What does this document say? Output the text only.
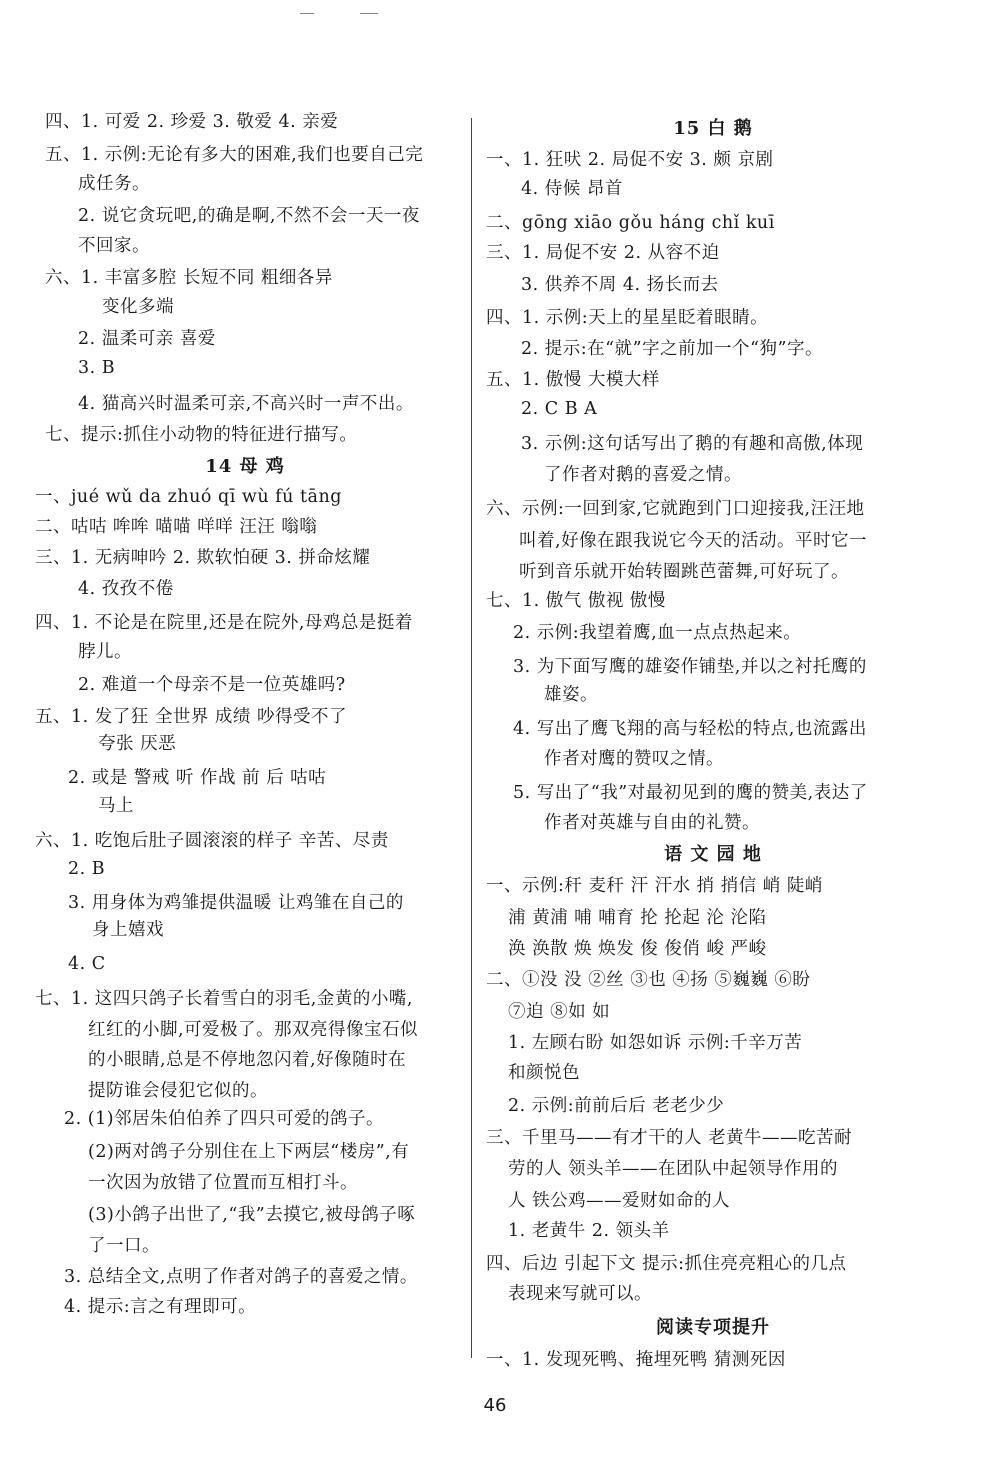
四、1. 可爱 2. 珍爱 3. 敬爱 4. 亲爱
五、1. 示例:无论有多大的困难,我们也要自己完
成任务。
2. 说它贪玩吧,的确是啊,不然不会一天一夜
不回家。
六、1. 丰富多腔 长短不同 粗细各异
变化多端
2. 温柔可亲 喜爱
3. B
4. 猫高兴时温柔可亲,不高兴时一声不出。
七、提示:抓住小动物的特征进行描写。
14 母 鸡
一、jué wǔ da zhuó qī wù fú tāng
二、咕咕 哞哞 喵喵 咩咩 汪汪 嗡嗡
三、1. 无病呻吟 2. 欺软怕硬 3. 拼命炫耀
4. 孜孜不倦
四、1. 不论是在院里,还是在院外,母鸡总是挺着
脖儿。
2. 难道一个母亲不是一位英雄吗?
五、1. 发了狂 全世界 成绩 吵得受不了
夸张 厌恶
2. 或是 警戒 听 作战 前 后 咕咕
马上
六、1. 吃饱后肚子圆滚滚的样子 辛苦、尽责
2. B
3. 用身体为鸡雏提供温暖 让鸡雏在自己的
身上嬉戏
4. C
七、1. 这四只鸽子长着雪白的羽毛,金黄的小嘴,
红红的小脚,可爱极了。那双亮得像宝石似
的小眼睛,总是不停地忽闪着,好像随时在
提防谁会侵犯它似的。
2. (1)邻居朱伯伯养了四只可爱的鸽子。
(2)两对鸽子分别住在上下两层“楼房”,有
一次因为放错了位置而互相打斗。
(3)小鸽子出世了,“我”去摸它,被母鸽子啄
了一口。
3. 总结全文,点明了作者对鸽子的喜爱之情。
4. 提示:言之有理即可。
15 白 鹅
一、1. 狂吠 2. 局促不安 3. 颇 京剧
4. 侍候 昂首
二、gōng xiāo gǒu háng chǐ kuī
三、1. 局促不安 2. 从容不迫
3. 供养不周 4. 扬长而去
四、1. 示例:天上的星星眨着眼睛。
2. 提示:在“就”字之前加一个“狗”字。
五、1. 傲慢 大模大样
2. C B A
3. 示例:这句话写出了鹅的有趣和高傲,体现
了作者对鹅的喜爱之情。
六、示例:一回到家,它就跑到门口迎接我,汪汪地
叫着,好像在跟我说它今天的活动。平时它一
听到音乐就开始转圈跳芭蕾舞,可好玩了。
七、1. 傲气 傲视 傲慢
2. 示例:我望着鹰,血一点点热起来。
3. 为下面写鹰的雄姿作铺垫,并以之衬托鹰的
雄姿。
4. 写出了鹰飞翔的高与轻松的特点,也流露出
作者对鹰的赞叹之情。
5. 写出了“我”对最初见到的鹰的赞美,表达了
作者对英雄与自由的礼赞。
语 文 园 地
一、示例:秆 麦秆 汗 汗水 捎 捎信 峭 陡峭
浦 黄浦 哺 哺育 抡 抡起 沦 沦陷
涣 涣散 焕 焕发 俊 俊俏 峻 严峻
二、①没 没 ②丝 ③也 ④扬 ⑤巍巍 ⑥盼
⑦迫 ⑧如 如
1. 左顾右盼 如怨如诉 示例:千辛万苦
和颜悦色
2. 示例:前前后后 老老少少
三、千里马——有才干的人 老黄牛——吃苦耐
劳的人 领头羊——在团队中起领导作用的
人 铁公鸡——爱财如命的人
1. 老黄牛 2. 领头羊
四、后边 引起下文 提示:抓住亮亮粗心的几点
表现来写就可以。
阅读专项提升
一、1. 发现死鸭、掩埋死鸭 猜测死因
46
